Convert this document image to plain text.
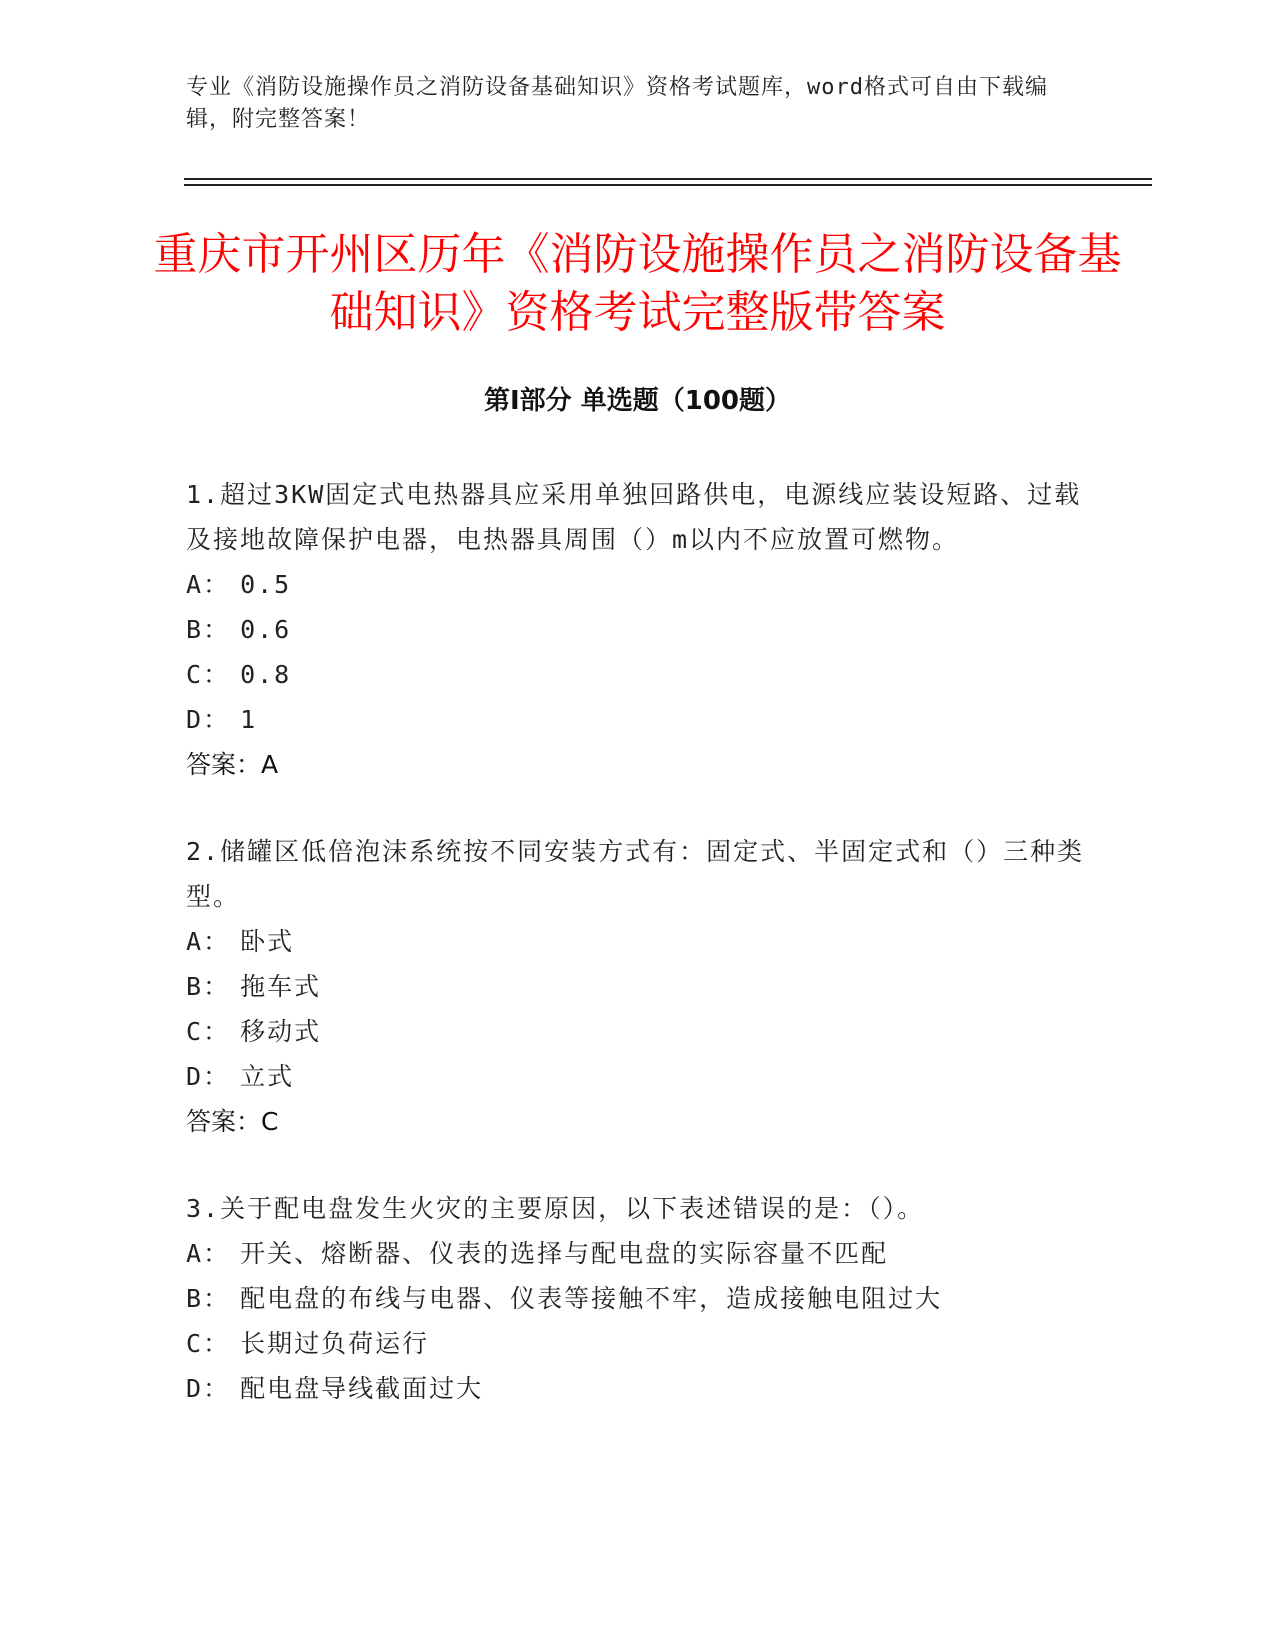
专业《消防设施操作员之消防设备基础知识》资格考试题库，word格式可自由下载编辑，附完整答案！
重庆市开州区历年《消防设施操作员之消防设备基础知识》资格考试完整版带答案
第Ⅰ部分 单选题（100题）

1.超过3KW固定式电热器具应采用单独回路供电，电源线应装设短路、过载及接地故障保护电器，电热器具周围（）m以内不应放置可燃物。

A： 0.5

B： 0.6

C： 0.8

D： 1

答案：A

2.储罐区低倍泡沫系统按不同安装方式有：固定式、半固定式和（）三种类型。

A： 卧式

B： 拖车式

C： 移动式

D： 立式

答案：C

3.关于配电盘发生火灾的主要原因，以下表述错误的是：（）。

A： 开关、熔断器、仪表的选择与配电盘的实际容量不匹配

B： 配电盘的布线与电器、仪表等接触不牢，造成接触电阻过大

C： 长期过负荷运行

D： 配电盘导线截面过大
